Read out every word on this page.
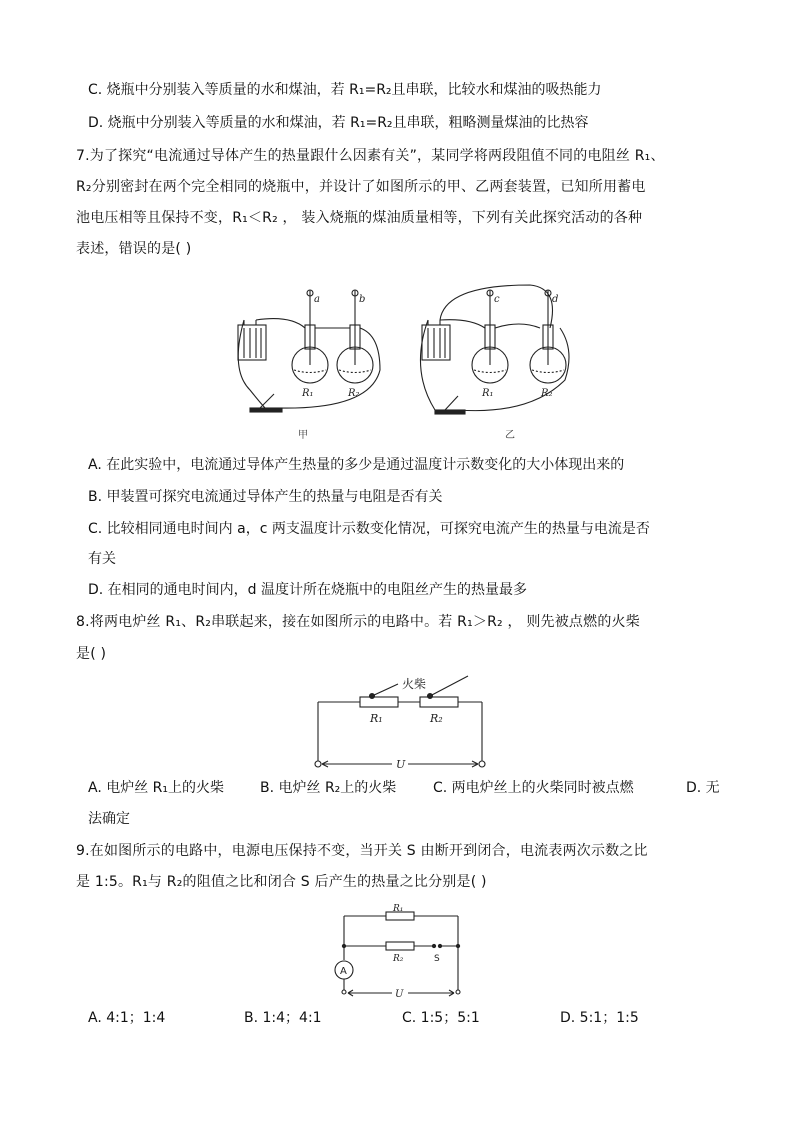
C. 烧瓶中分别装入等质量的水和煤油，若 R₁=R₂且串联，比较水和煤油的吸热能力
D. 烧瓶中分别装入等质量的水和煤油，若 R₁=R₂且串联，粗略测量煤油的比热容
7.为了探究“电流通过导体产生的热量跟什么因素有关”，某同学将两段阻值不同的电阻丝 R₁、
R₂分别密封在两个完全相同的烧瓶中，并设计了如图所示的甲、乙两套装置，已知所用蓄电
池电压相等且保持不变，R₁＜R₂ ， 装入烧瓶的煤油质量相等，下列有关此探究活动的各种
表述，错误的是( )
a	b	c	d
R₁	R₂	R₁	R₂
甲	乙
A. 在此实验中，电流通过导体产生热量的多少是通过温度计示数变化的大小体现出来的
B. 甲装置可探究电流通过导体产生的热量与电阻是否有关
C. 比较相同通电时间内 a，c 两支温度计示数变化情况，可探究电流产生的热量与电流是否
有关
D. 在相同的通电时间内，d 温度计所在烧瓶中的电阻丝产生的热量最多
8.将两电炉丝 R₁、R₂串联起来，接在如图所示的电路中。若 R₁＞R₂ ， 则先被点燃的火柴
是( )
火柴
R₁	R₂
U
A. 电炉丝 R₁上的火柴	B. 电炉丝 R₂上的火柴	C. 两电炉丝上的火柴同时被点燃	D. 无
法确定
9.在如图所示的电路中，电源电压保持不变，当开关 S 由断开到闭合，电流表两次示数之比
是 1:5。R₁与 R₂的阻值之比和闭合 S 后产生的热量之比分别是( )
R₁
R₂	S
A
U
A. 4:1；1:4	B. 1:4；4:1	C. 1:5；5:1	D. 5:1；1:5
